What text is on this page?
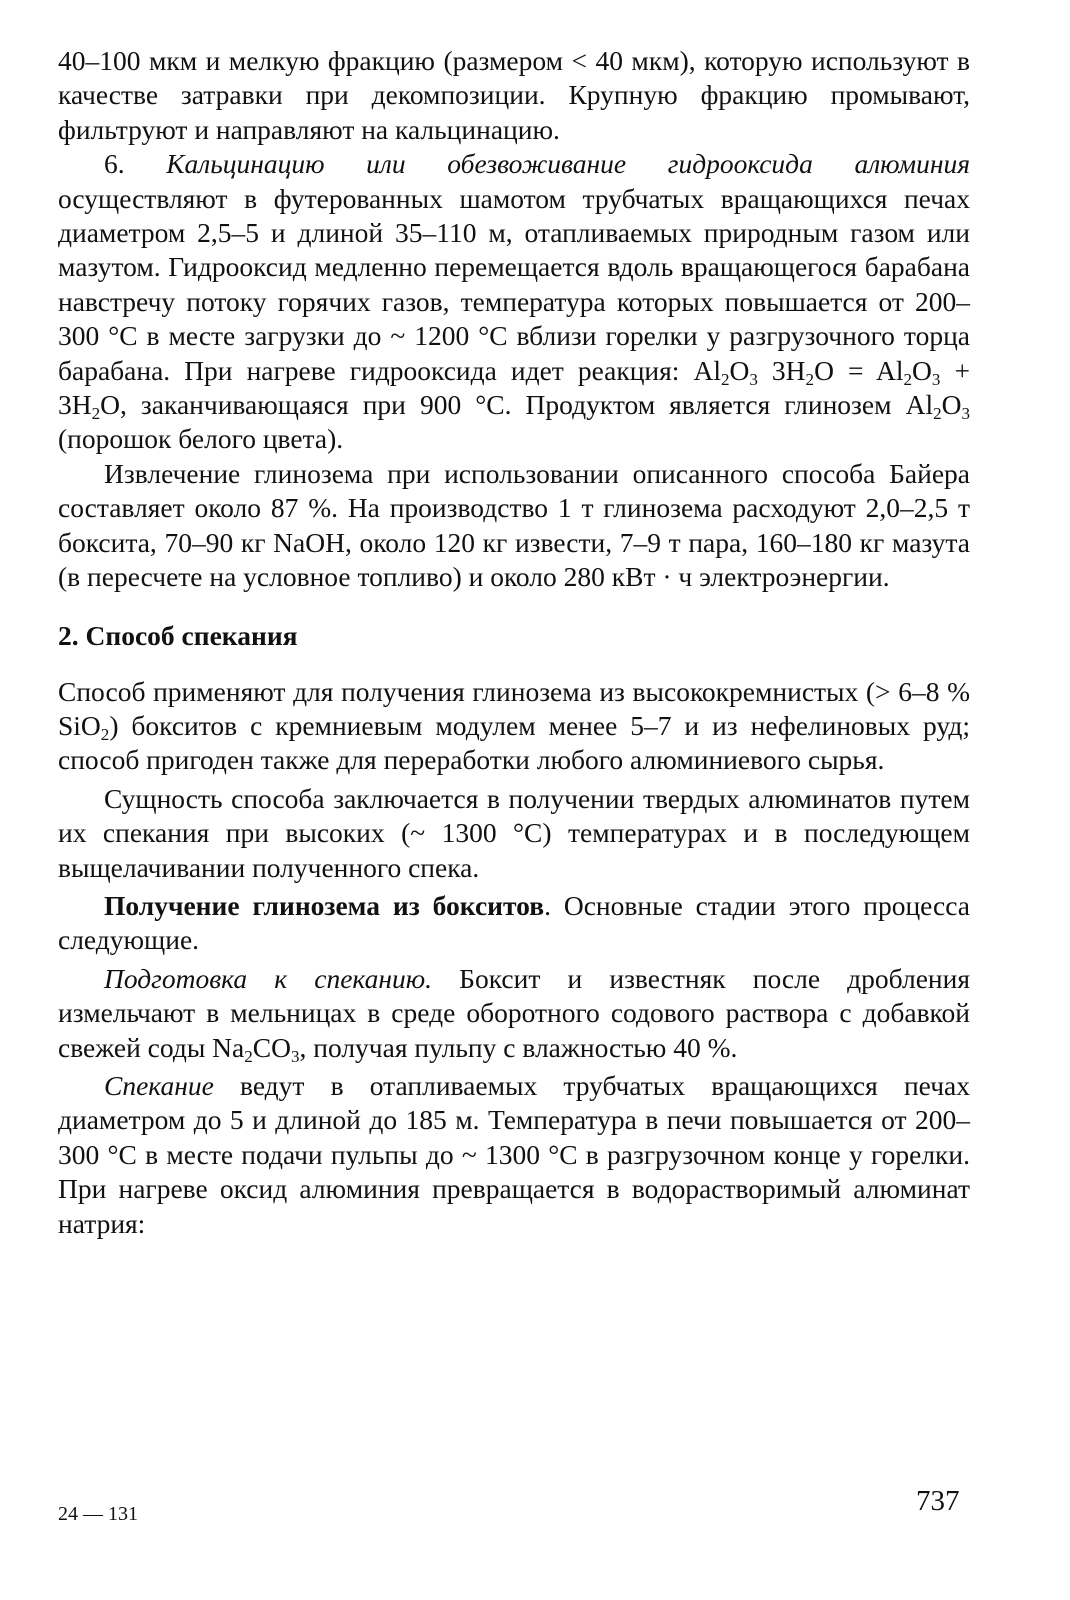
40–100 мкм и мелкую фракцию (размером < 40 мкм), которую используют в качестве затравки при декомпозиции. Крупную фракцию промывают, фильтруют и направляют на кальцинацию.

6. Кальцинацию или обезвоживание гидрооксида алюминия осуществляют в футерованных шамотом трубчатых вращающихся печах диаметром 2,5–5 и длиной 35–110 м, отапливаемых природным газом или мазутом. Гидрооксид медленно перемещается вдоль вращающегося барабана навстречу потоку горячих газов, температура которых повышается от 200–300 °С в месте загрузки до ~ 1200 °С вблизи горелки у разгрузочного торца барабана. При нагреве гидрооксида идет реакция: $Al_2O_3$ $3H_2O = Al_2O_3 + 3H_2O$, заканчивающаяся при 900 °С. Продуктом является глинозем $Al_2O_3$ (порошок белого цвета).

Извлечение глинозема при использовании описанного способа Байера составляет около 87 %. На производство 1 т глинозема расходуют 2,0–2,5 т боксита, 70–90 кг NaOH, около 120 кг извести, 7–9 т пара, 160–180 кг мазута (в пересчете на условное топливо) и около 280 кВт · ч электроэнергии.

2. Способ спекания

Способ применяют для получения глинозема из высококремнистых (> 6–8 % SiO$_2$) бокситов с кремниевым модулем менее 5–7 и из нефелиновых руд; способ пригоден также для переработки любого алюминиевого сырья.

Сущность способа заключается в получении твердых алюминатов путем их спекания при высоких (~ 1300 °С) температурах и в последующем выщелачивании полученного спека.

Получение глинозема из бокситов. Основные стадии этого процесса следующие.

Подготовка к спеканию. Боксит и известняк после дробления измельчают в мельницах в среде оборотного содового раствора с добавкой свежей соды $Na_2CO_3$, получая пульпу с влажностью 40 %.

Спекание ведут в отапливаемых трубчатых вращающихся печах диаметром до 5 и длиной до 185 м. Температура в печи повышается от 200–300 °С в месте подачи пульпы до ~ 1300 °С в разгрузочном конце у горелки. При нагреве оксид алюминия превращается в водорастворимый алюминат натрия:

24 — 131	737
